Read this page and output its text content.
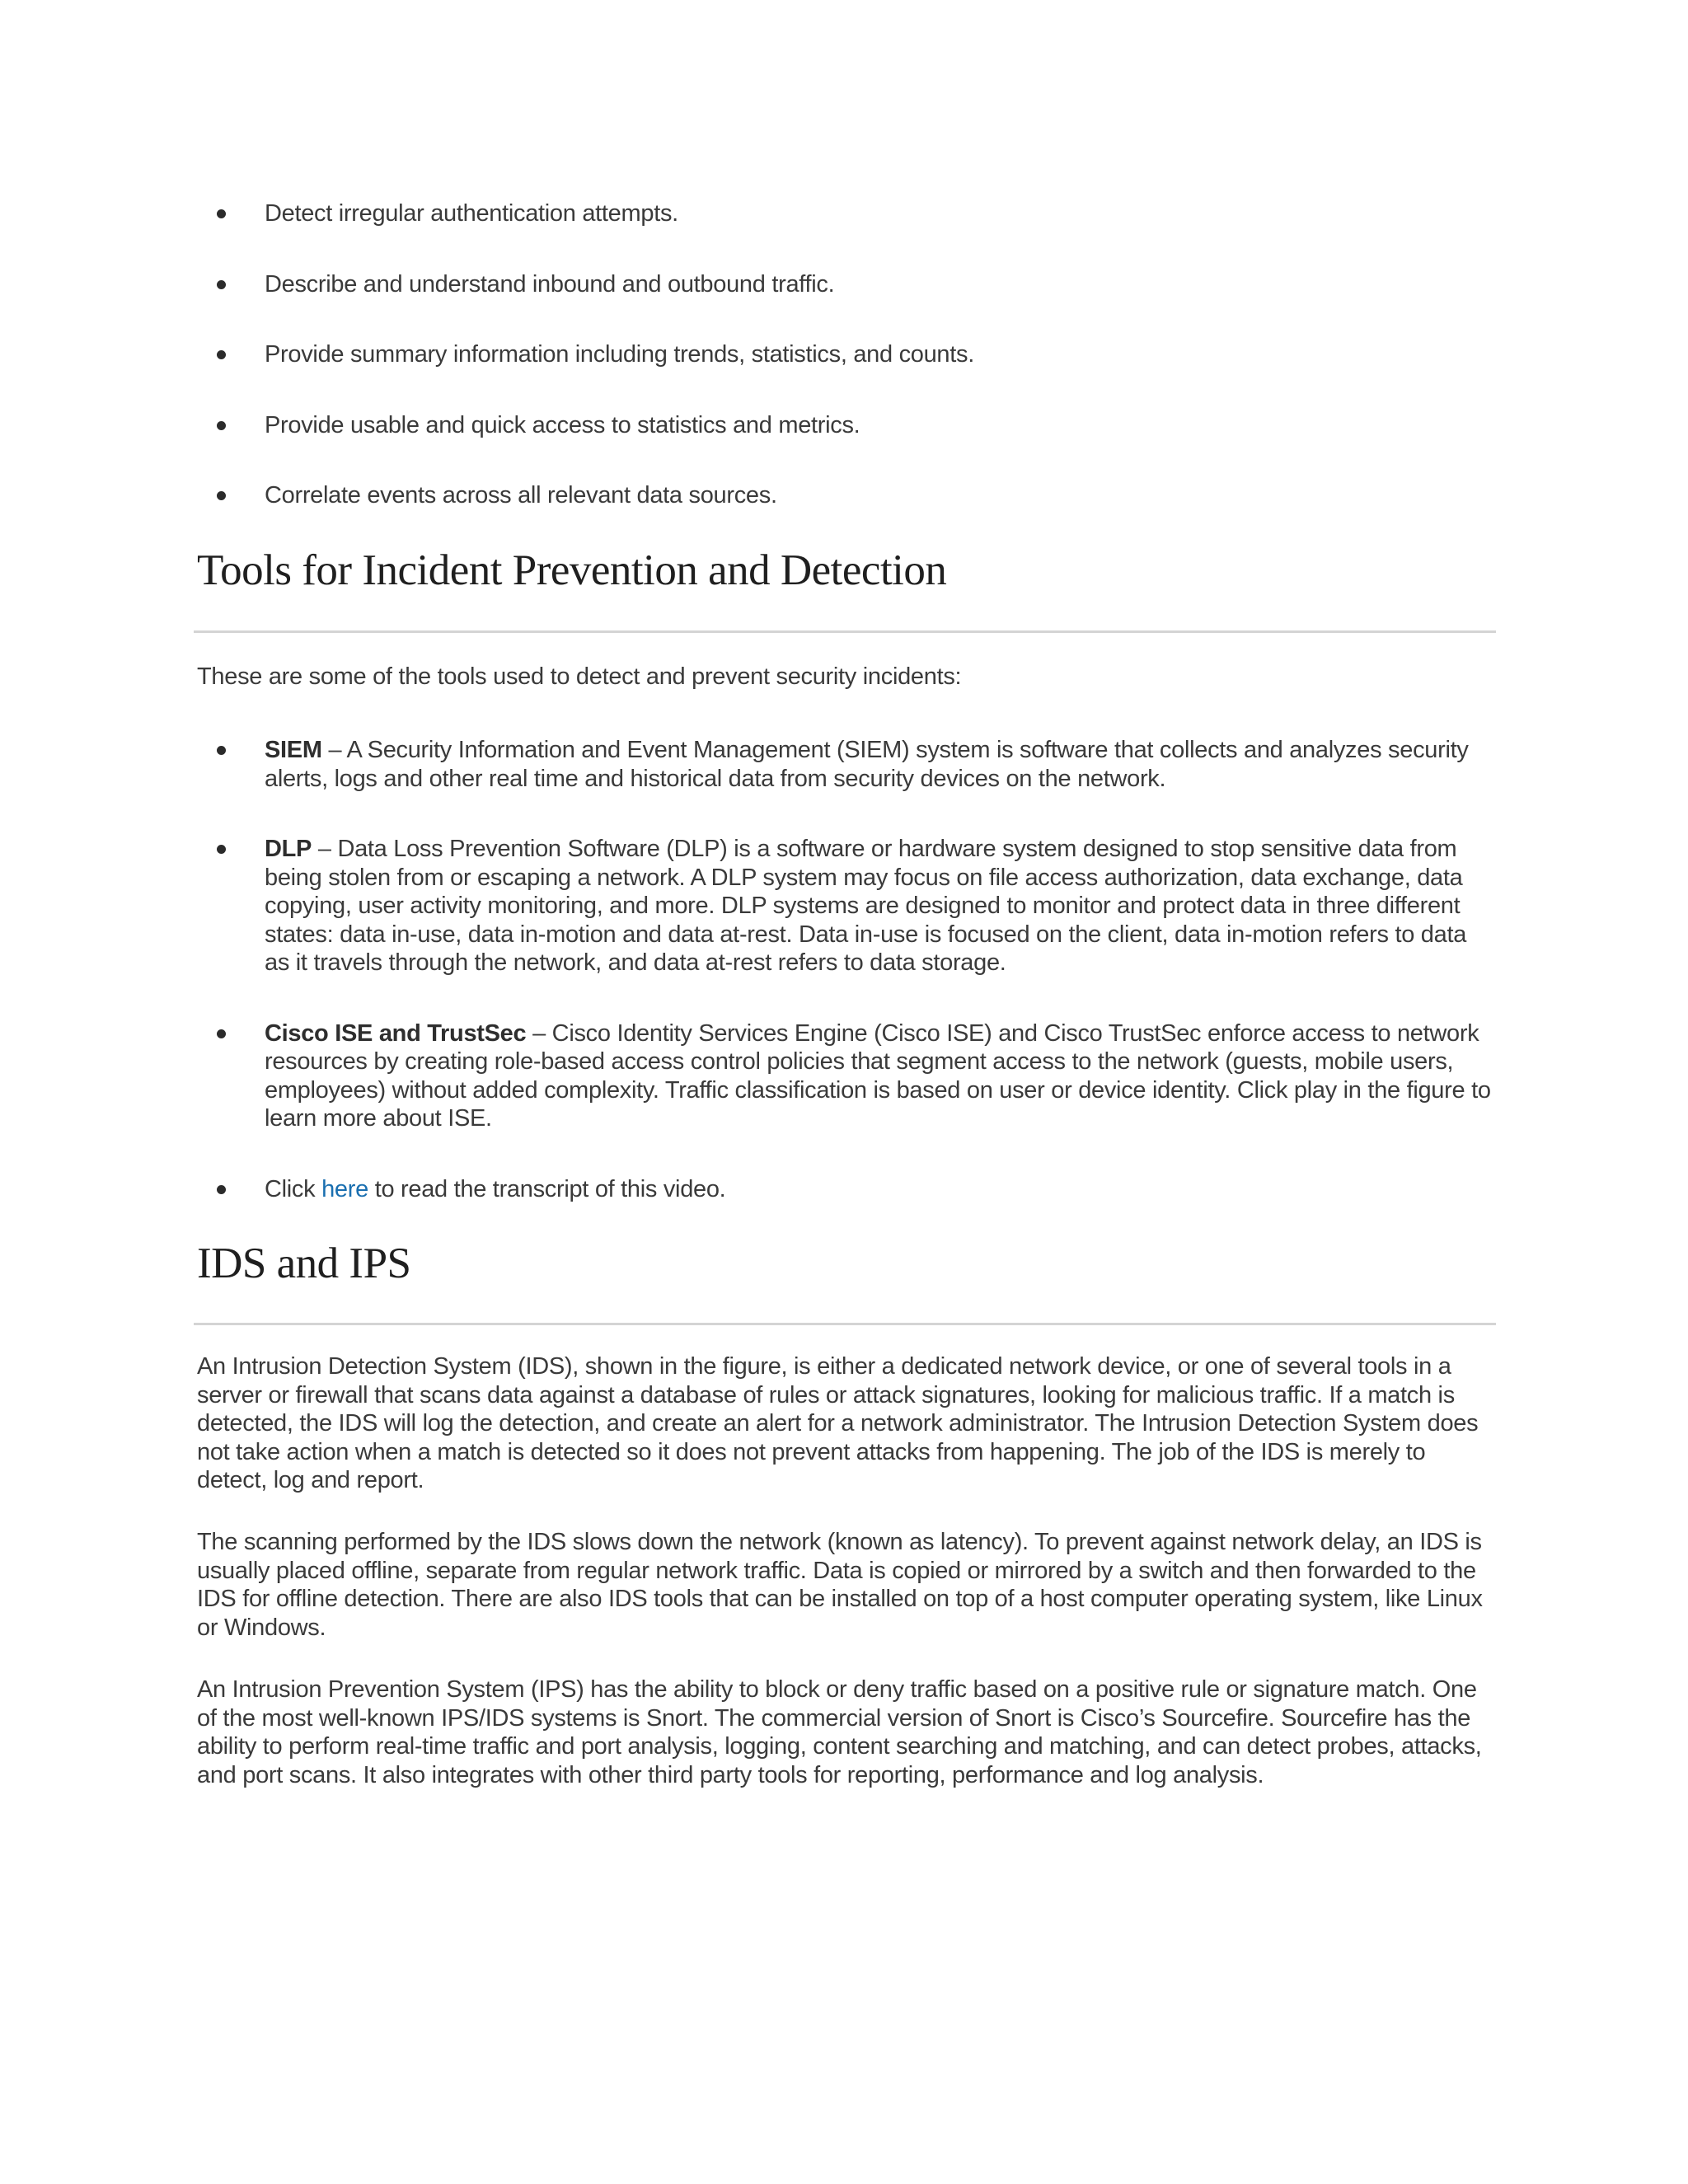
Detect irregular authentication attempts.
Describe and understand inbound and outbound traffic.
Provide summary information including trends, statistics, and counts.
Provide usable and quick access to statistics and metrics.
Correlate events across all relevant data sources.
Tools for Incident Prevention and Detection

These are some of the tools used to detect and prevent security incidents:

SIEM – A Security Information and Event Management (SIEM) system is software that collects and analyzes security alerts, logs and other real time and historical data from security devices on the network.
DLP – Data Loss Prevention Software (DLP) is a software or hardware system designed to stop sensitive data from being stolen from or escaping a network. A DLP system may focus on file access authorization, data exchange, data copying, user activity monitoring, and more. DLP systems are designed to monitor and protect data in three different states: data in-use, data in-motion and data at-rest. Data in-use is focused on the client, data in-motion refers to data as it travels through the network, and data at-rest refers to data storage.
Cisco ISE and TrustSec – Cisco Identity Services Engine (Cisco ISE) and Cisco TrustSec enforce access to network resources by creating role-based access control policies that segment access to the network (guests, mobile users, employees) without added complexity. Traffic classification is based on user or device identity. Click play in the figure to learn more about ISE.
Click here to read the transcript of this video.
IDS and IPS

An Intrusion Detection System (IDS), shown in the figure, is either a dedicated network device, or one of several tools in a server or firewall that scans data against a database of rules or attack signatures, looking for malicious traffic. If a match is detected, the IDS will log the detection, and create an alert for a network administrator. The Intrusion Detection System does not take action when a match is detected so it does not prevent attacks from happening. The job of the IDS is merely to detect, log and report.

The scanning performed by the IDS slows down the network (known as latency). To prevent against network delay, an IDS is usually placed offline, separate from regular network traffic. Data is copied or mirrored by a switch and then forwarded to the IDS for offline detection. There are also IDS tools that can be installed on top of a host computer operating system, like Linux or Windows.

An Intrusion Prevention System (IPS) has the ability to block or deny traffic based on a positive rule or signature match. One of the most well-known IPS/IDS systems is Snort. The commercial version of Snort is Cisco’s Sourcefire. Sourcefire has the ability to perform real-time traffic and port analysis, logging, content searching and matching, and can detect probes, attacks, and port scans. It also integrates with other third party tools for reporting, performance and log analysis.
